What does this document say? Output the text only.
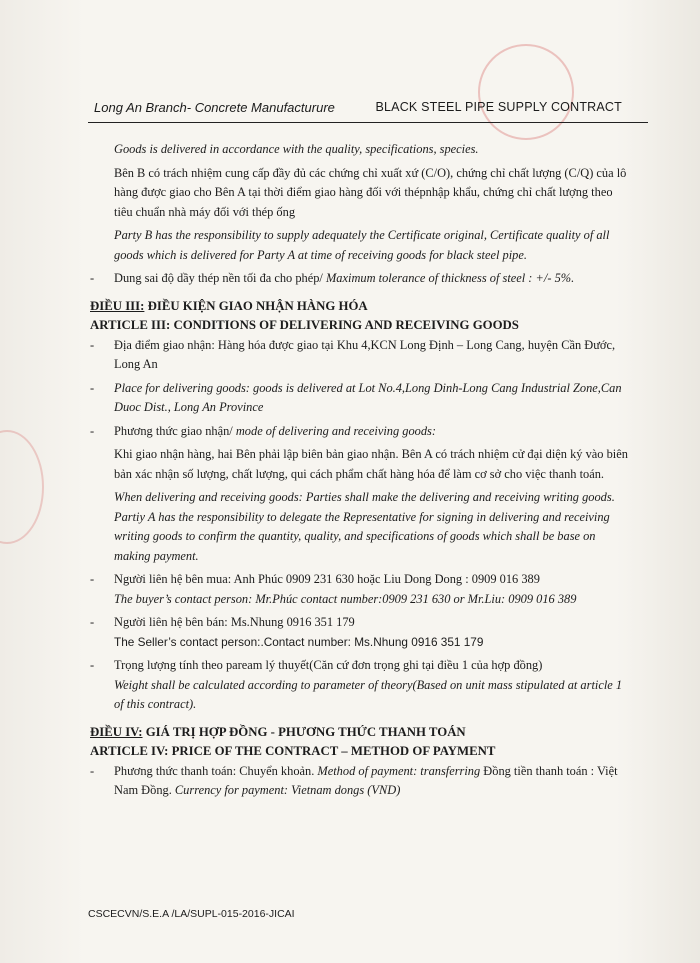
Long An Branch- Concrete Manufacturure	BLACK STEEL PIPE SUPPLY CONTRACT
Goods is delivered in accordance with the quality, specifications, species.
Bên B có trách nhiệm cung cấp đầy đủ các chứng chỉ xuất xứ (C/O), chứng chỉ chất lượng (C/Q) của lô hàng được giao cho Bên A tại thời điểm giao hàng đối với thépnhập khẩu, chứng chỉ chất lượng theo tiêu chuẩn nhà máy đối với thép ống
Party B has the responsibility to supply adequately the Certificate original, Certificate quality of all goods which is delivered for Party A at time of receiving goods for black steel pipe.
- Dung sai độ dầy thép nền tối đa cho phép/ Maximum tolerance of thickness of steel : +/- 5%.
ĐIỀU III: ĐIỀU KIỆN GIAO NHẬN HÀNG HÓA
ARTICLE III: CONDITIONS OF DELIVERING AND RECEIVING GOODS
- Địa điểm giao nhận: Hàng hóa được giao tại Khu 4,KCN Long Định – Long Cang, huyện Cần Đước, Long An
- Place for delivering goods: goods is delivered at Lot No.4,Long Dinh-Long Cang Industrial Zone,Can Duoc Dist., Long An Province
- Phương thức giao nhận/ mode of delivering and receiving goods:
Khi giao nhận hàng, hai Bên phải lập biên bản giao nhận. Bên A có trách nhiệm cử đại diện ký vào biên bản xác nhận số lượng, chất lượng, qui cách phẩm chất hàng hóa để làm cơ sở cho việc thanh toán.
When delivering and receiving goods: Parties shall make the delivering and receiving writing goods. Partiy A has the responsibility to delegate the Representative for signing in delivering and receiving writing goods to confirm the quantity, quality, and specifications of goods which shall be base on making payment.
- Người liên hệ bên mua: Anh Phúc 0909 231 630 hoặc Liu Dong Dong : 0909 016 389
The buyer’s contact person: Mr.Phúc contact number:0909 231 630 or Mr.Liu: 0909 016 389
- Người liên hệ bên bán: Ms.Nhung 0916 351 179
The Seller’s contact person:.Contact number: Ms.Nhung 0916 351 179
- Trọng lượng tính theo paream lý thuyết(Căn cứ đơn trọng ghi tại điều 1 của hợp đồng)
Weight shall be calculated according to parameter of theory(Based on unit mass stipulated at article 1 of this contract).
ĐIỀU IV: GIÁ TRỊ HỢP ĐỒNG - PHƯƠNG THỨC THANH TOÁN
ARTICLE IV: PRICE OF THE CONTRACT – METHOD OF PAYMENT
- Phương thức thanh toán: Chuyển khoản. Method of payment: transferring Đồng tiền thanh toán : Việt Nam Đồng. Currency for payment: Vietnam dongs (VND)
CSCECVN/S.E.A /LA/SUPL-015-2016-JICAI
